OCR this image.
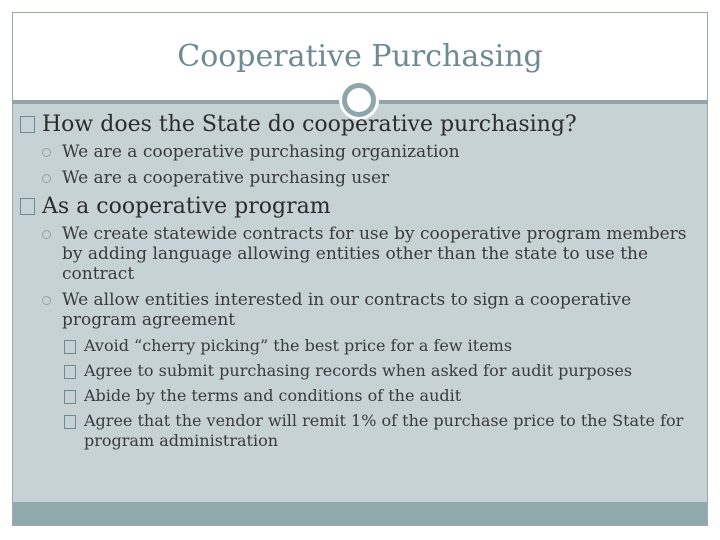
Cooperative Purchasing
How does the State do cooperative purchasing?
We are a cooperative purchasing organization
We are a cooperative purchasing user
As a cooperative program
We create statewide contracts for use by cooperative program members by adding language allowing entities other than the state to use the contract
We allow entities interested in our contracts to sign a cooperative program agreement
Avoid “cherry picking” the best price for a few items
Agree to submit purchasing records when asked for audit purposes
Abide by the terms and conditions of the audit
Agree that the vendor will remit 1% of the purchase price to the State for program administration
